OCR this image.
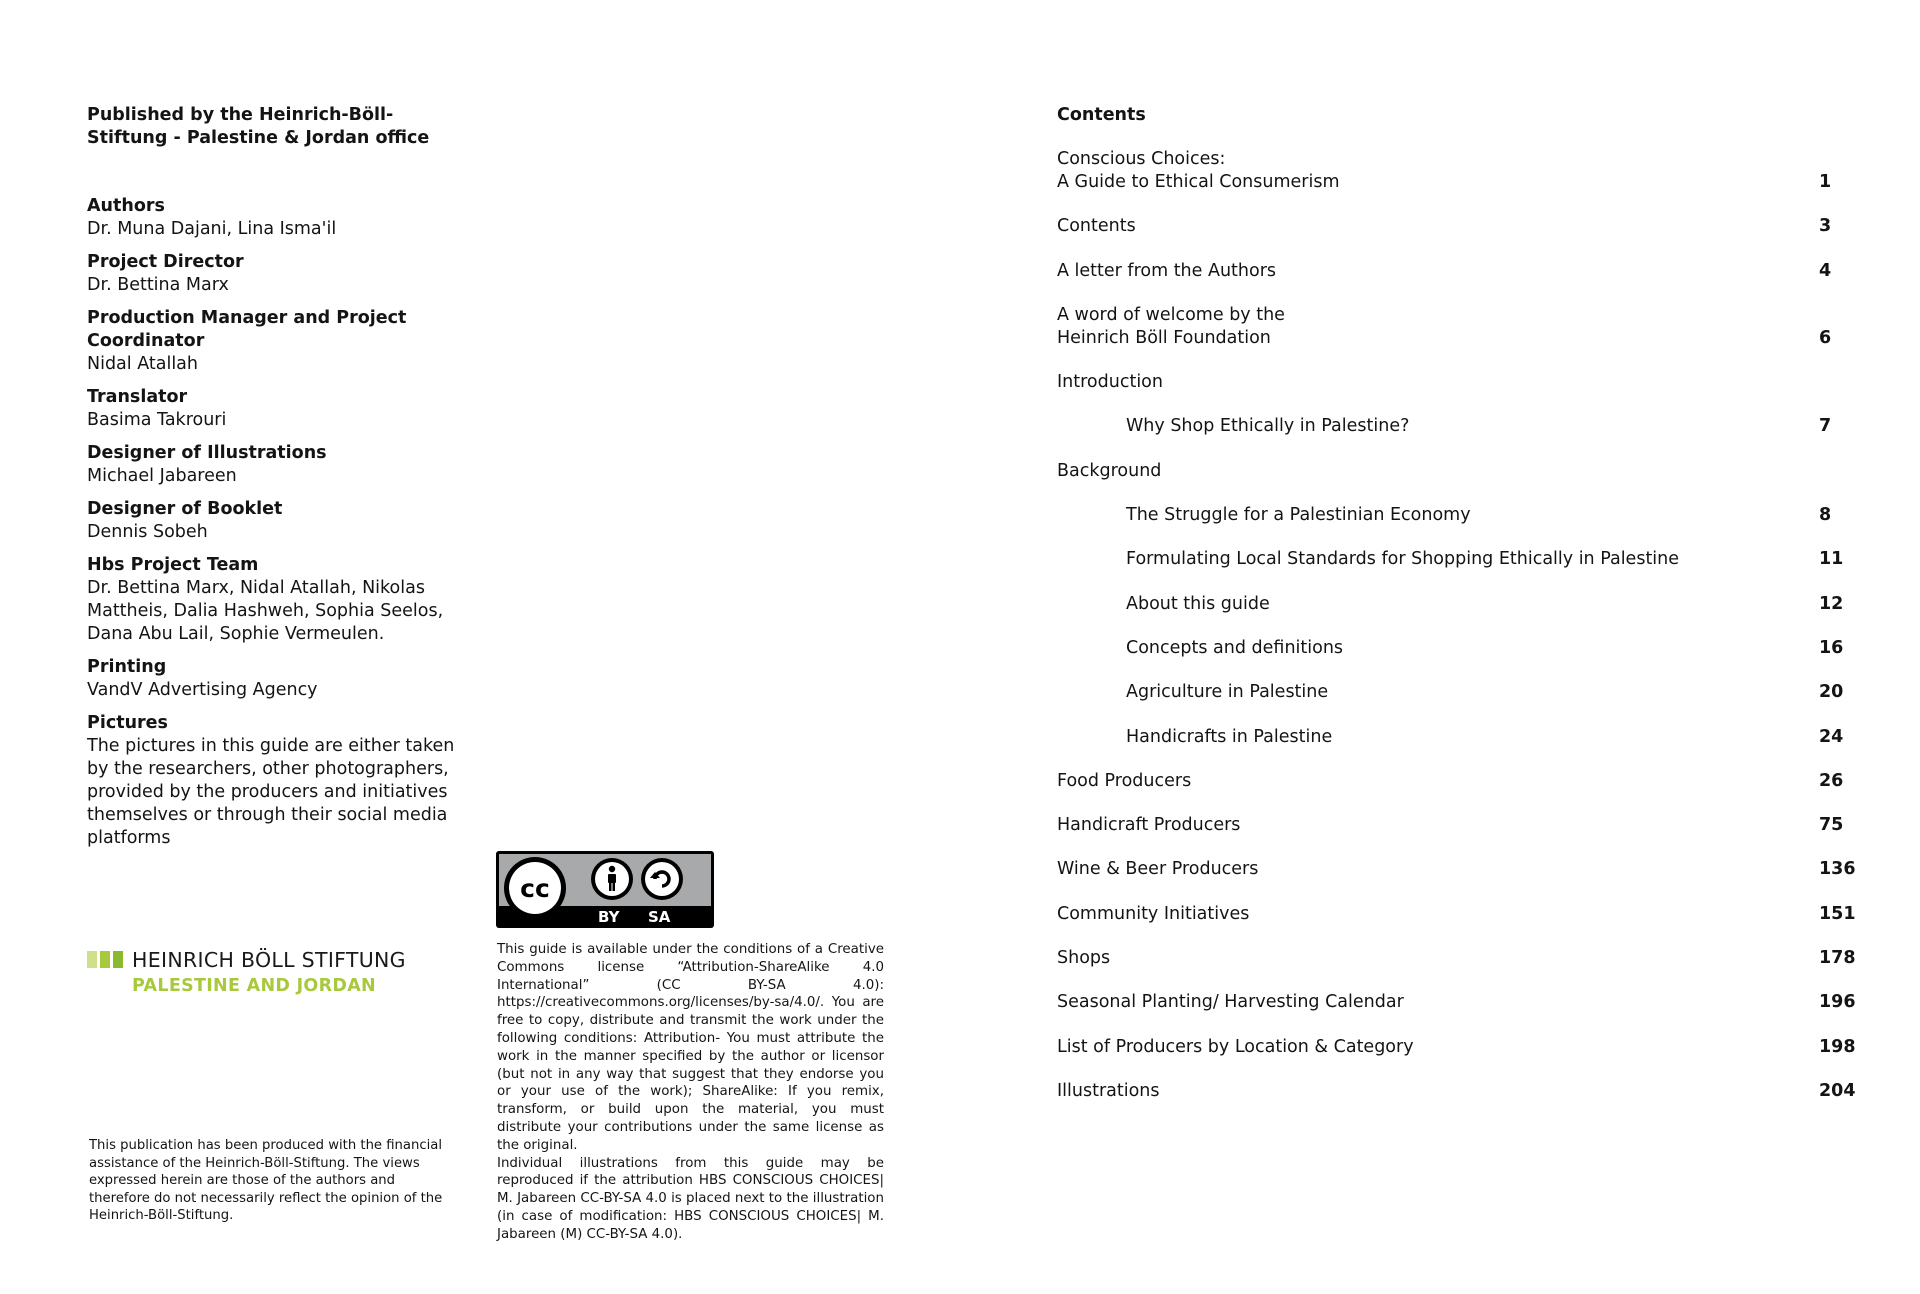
Published by the Heinrich-Böll-Stiftung - Palestine & Jordan office

Authors
Dr. Muna Dajani, Lina Isma'il
Project Director
Dr. Bettina Marx
Production Manager and Project Coordinator
Nidal Atallah
Translator
Basima Takrouri
Designer of Illustrations
Michael Jabareen
Designer of Booklet
Dennis Sobeh
Hbs Project Team
Dr. Bettina Marx, Nidal Atallah, Nikolas Mattheis, Dalia Hashweh, Sophia Seelos, Dana Abu Lail, Sophie Vermeulen.
Printing
VandV Advertising Agency
Pictures
The pictures in this guide are either taken by the researchers, other photographers, provided by the producers and initiatives themselves or through their social media platforms
HEINRICH BÖLL STIFTUNG
PALESTINE AND JORDAN
This publication has been produced with the financial assistance of the Heinrich-Böll-Stiftung. The views expressed herein are those of the authors and therefore do not necessarily reflect the opinion of the Heinrich-Böll-Stiftung.
cc
BY SA
This guide is available under the conditions of a Creative Commons license “Attribution-ShareAlike 4.0 International” (CC BY-SA 4.0): https://creativecommons.org/licenses/by-sa/4.0/. You are free to copy, distribute and transmit the work under the following conditions: Attribution- You must attribute the work in the manner specified by the author or licensor (but not in any way that suggest that they endorse you or your use of the work); ShareAlike: If you remix, transform, or build upon the material, you must distribute your contributions under the same license as the original.
Individual illustrations from this guide may be reproduced if the attribution HBS CONSCIOUS CHOICES| M. Jabareen CC-BY-SA 4.0 is placed next to the illustration (in case of modification: HBS CONSCIOUS CHOICES| M. Jabareen (M) CC-BY-SA 4.0).
Contents
Conscious Choices:
A Guide to Ethical Consumerism	1
Contents	3
A letter from the Authors	4
A word of welcome by the
Heinrich Böll Foundation	6
Introduction
Why Shop Ethically in Palestine?	7
Background
The Struggle for a Palestinian Economy	8
Formulating Local Standards for Shopping Ethically in Palestine	11
About this guide	12
Concepts and definitions	16
Agriculture in Palestine	20
Handicrafts in Palestine	24
Food Producers	26
Handicraft Producers	75
Wine & Beer Producers	136
Community Initiatives	151
Shops	178
Seasonal Planting/ Harvesting Calendar	196
List of Producers by Location & Category	198
Illustrations	204
